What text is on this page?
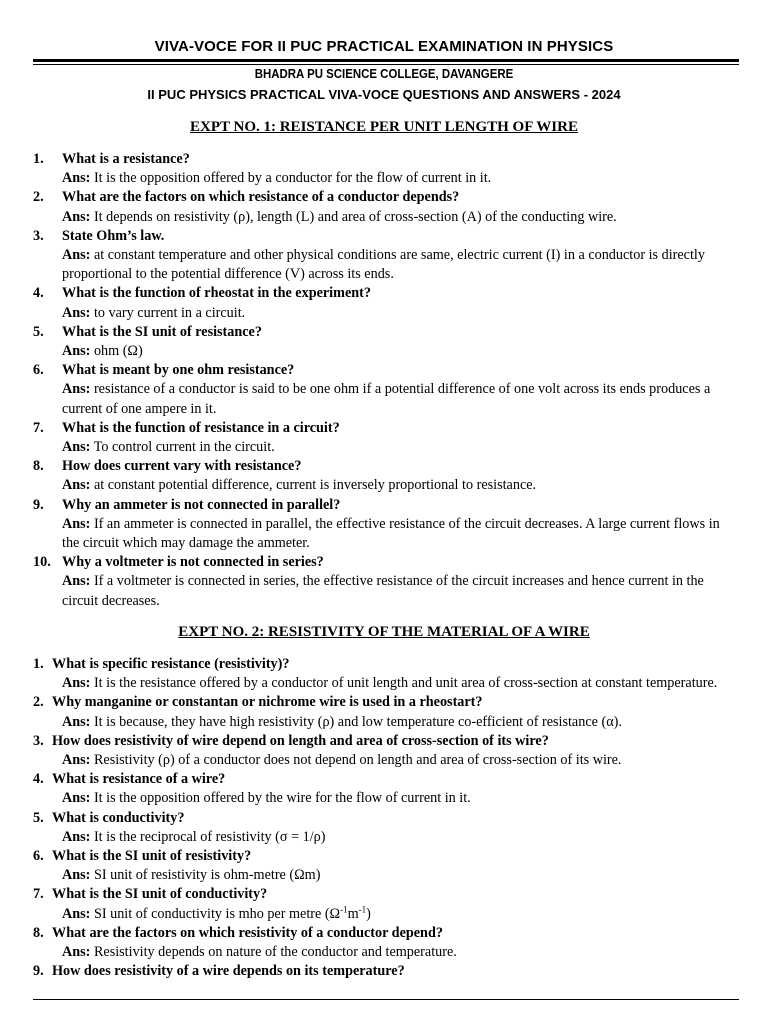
VIVA-VOCE FOR II PUC PRACTICAL EXAMINATION IN PHYSICS
BHADRA PU SCIENCE COLLEGE, DAVANGERE
II PUC PHYSICS PRACTICAL VIVA-VOCE QUESTIONS AND ANSWERS - 2024
EXPT NO. 1: REISTANCE PER UNIT LENGTH OF WIRE
1. What is a resistance?
Ans: It is the opposition offered by a conductor for the flow of current in it.
2. What are the factors on which resistance of a conductor depends?
Ans: It depends on resistivity (ρ), length (L) and area of cross-section (A) of the conducting wire.
3. State Ohm’s law.
Ans: at constant temperature and other physical conditions are same, electric current (I) in a conductor is directly proportional to the potential difference (V) across its ends.
4. What is the function of rheostat in the experiment?
Ans: to vary current in a circuit.
5. What is the SI unit of resistance?
Ans: ohm (Ω)
6. What is meant by one ohm resistance?
Ans: resistance of a conductor is said to be one ohm if a potential difference of one volt across its ends produces a current of one ampere in it.
7. What is the function of resistance in a circuit?
Ans: To control current in the circuit.
8. How does current vary with resistance?
Ans: at constant potential difference, current is inversely proportional to resistance.
9. Why an ammeter is not connected in parallel?
Ans: If an ammeter is connected in parallel, the effective resistance of the circuit decreases. A large current flows in the circuit which may damage the ammeter.
10. Why a voltmeter is not connected in series?
Ans: If a voltmeter is connected in series, the effective resistance of the circuit increases and hence current in the circuit decreases.
EXPT NO. 2: RESISTIVITY OF THE MATERIAL OF A WIRE
1. What is specific resistance (resistivity)?
Ans: It is the resistance offered by a conductor of unit length and unit area of cross-section at constant temperature.
2. Why manganine or constantan or nichrome wire is used in a rheostart?
Ans: It is because, they have high resistivity (ρ) and low temperature co-efficient of resistance (α).
3. How does resistivity of wire depend on length and area of cross-section of its wire?
Ans: Resistivity (ρ) of a conductor does not depend on length and area of cross-section of its wire.
4. What is resistance of a wire?
Ans: It is the opposition offered by the wire for the flow of current in it.
5. What is conductivity?
Ans: It is the reciprocal of resistivity (σ = 1/ρ)
6. What is the SI unit of resistivity?
Ans: SI unit of resistivity is ohm-metre (Ωm)
7. What is the SI unit of conductivity?
Ans: SI unit of conductivity is mho per metre $(\Omega^{-1}m^{-1})$
8. What are the factors on which resistivity of a conductor depend?
Ans: Resistivity depends on nature of the conductor and temperature.
9. How does resistivity of a wire depends on its temperature?
